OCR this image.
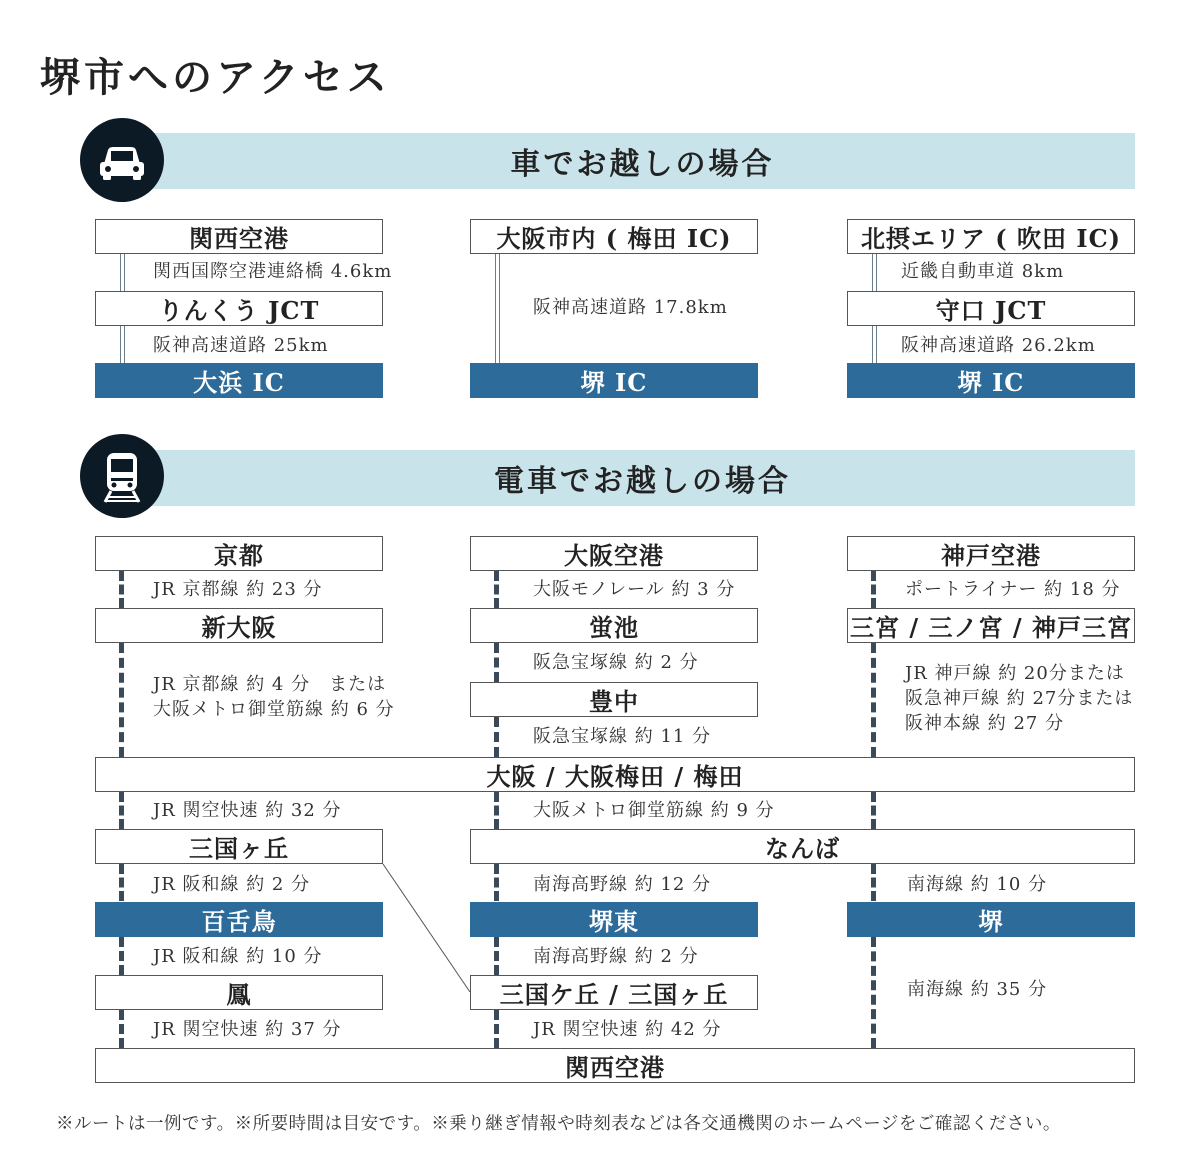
堺市へのアクセス
車でお越しの場合
関西空港
関西国際空港連絡橋 4.6km
りんくう JCT
阪神高速道路 25km
大浜 IC
大阪市内 ( 梅田 IC)
阪神高速道路 17.8km
堺 IC
北摂エリア ( 吹田 IC)
近畿自動車道 8km
守口 JCT
阪神高速道路 26.2km
堺 IC
電車でお越しの場合
京都
JR 京都線 約 23 分
新大阪
JR 京都線 約 4 分　または
大阪メトロ御堂筋線 約 6 分
大阪空港
大阪モノレール 約 3 分
蛍池
阪急宝塚線 約 2 分
豊中
阪急宝塚線 約 11 分
神戸空港
ポートライナー 約 18 分
三宮 / 三ノ宮 / 神戸三宮
JR 神戸線 約 20分または
阪急神戸線 約 27分または
阪神本線 約 27 分
大阪 / 大阪梅田 / 梅田
JR 関空快速 約 32 分	大阪メトロ御堂筋線 約 9 分
三国ヶ丘	なんば
JR 阪和線 約 2 分	南海高野線 約 12 分	南海線 約 10 分
百舌鳥	堺東	堺
JR 阪和線 約 10 分	南海高野線 約 2 分
南海線 約 35 分
鳳	三国ケ丘 / 三国ヶ丘
JR 関空快速 約 37 分	JR 関空快速 約 42 分
関西空港
※ルートは一例です。※所要時間は目安です。※乗り継ぎ情報や時刻表などは各交通機関のホームページをご確認ください。
